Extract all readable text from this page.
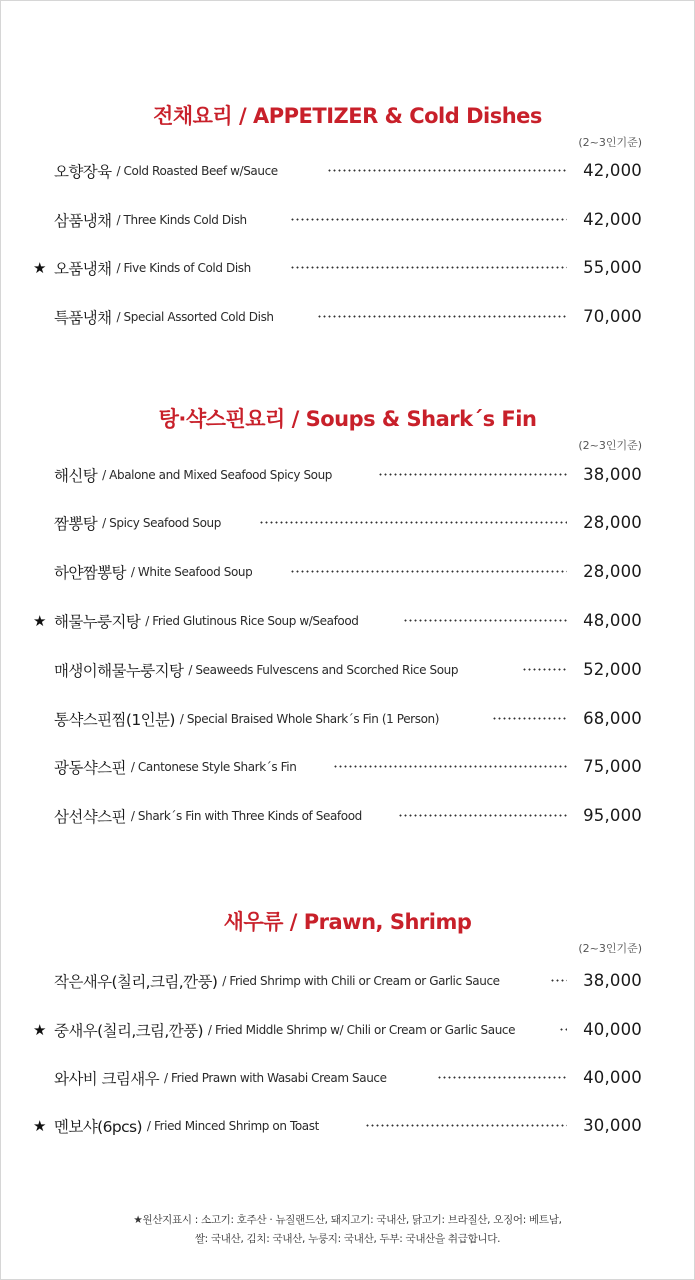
전채요리 / APPETIZER & Cold Dishes
(2~3인기준)
오향장육 / Cold Roasted Beef w/Sauce	42,000
삼품냉채 / Three Kinds Cold Dish	42,000
★ 오품냉채 / Five Kinds of Cold Dish	55,000
특품냉채 / Special Assorted Cold Dish	70,000
탕·샥스핀요리 / Soups & Shark´s Fin
(2~3인기준)
해신탕 / Abalone and Mixed Seafood Spicy Soup	38,000
짬뽕탕 / Spicy Seafood Soup	28,000
하얀짬뽕탕 / White Seafood Soup	28,000
★ 해물누룽지탕 / Fried Glutinous Rice Soup w/Seafood	48,000
매생이해물누룽지탕 / Seaweeds Fulvescens and Scorched Rice Soup	52,000
통샥스핀찜(1인분) / Special Braised Whole Shark´s Fin (1 Person)	68,000
광동샥스핀 / Cantonese Style Shark´s Fin	75,000
삼선샥스핀 / Shark´s Fin with Three Kinds of Seafood	95,000
새우류 / Prawn, Shrimp
(2~3인기준)
작은새우(칠리,크림,깐풍) / Fried Shrimp with Chili or Cream or Garlic Sauce	38,000
★ 중새우(칠리,크림,깐풍) / Fried Middle Shrimp w/ Chili or Cream or Garlic Sauce	40,000
와사비 크림새우 / Fried Prawn with Wasabi Cream Sauce	40,000
★ 멘보샤(6pcs) / Fried Minced Shrimp on Toast	30,000
★원산지표시 : 소고기: 호주산 · 뉴질랜드산, 돼지고기: 국내산, 닭고기: 브라질산, 오징어: 베트남,
쌀: 국내산, 김치: 국내산, 누룽지: 국내산, 두부: 국내산을 취급합니다.
